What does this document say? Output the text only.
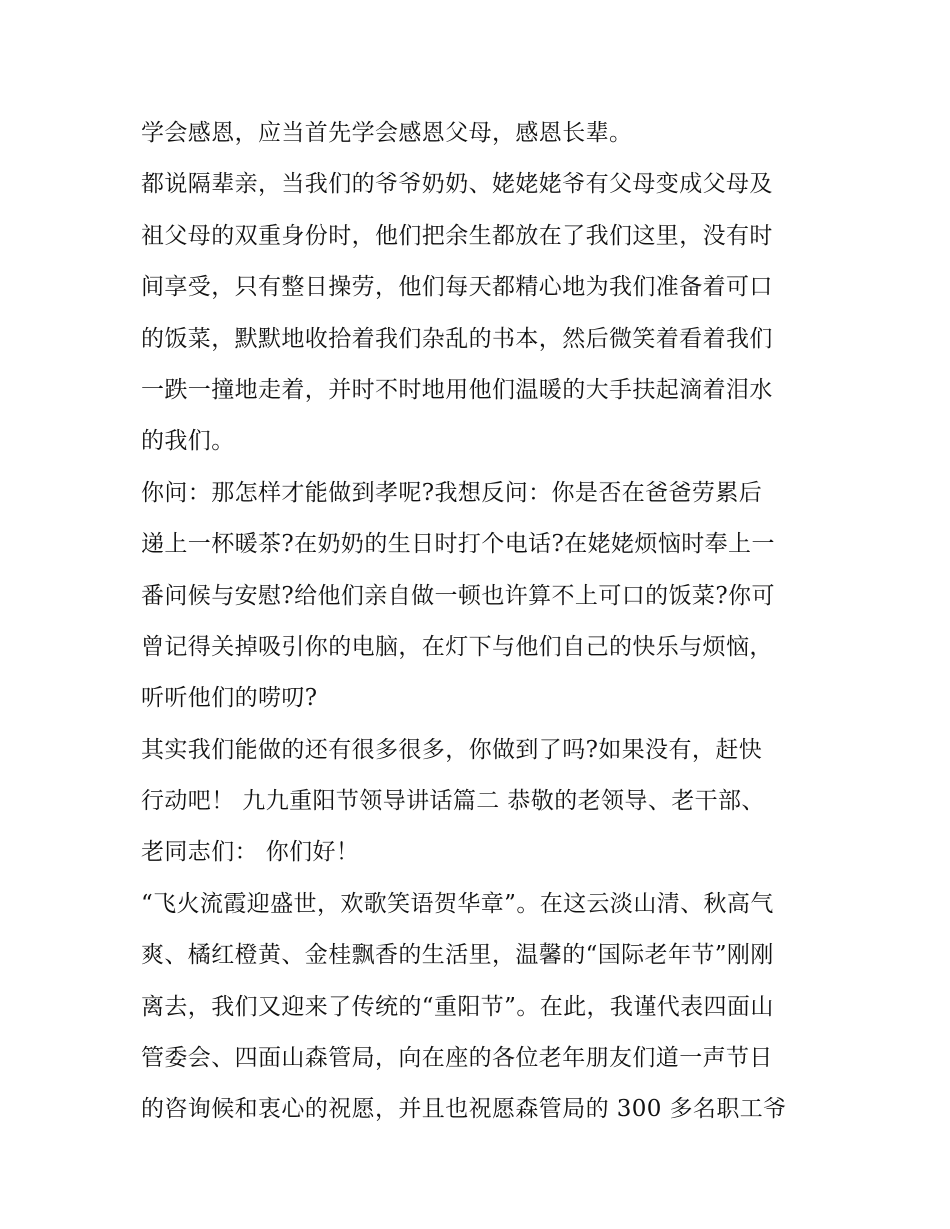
学会感恩，应当首先学会感恩父母，感恩长辈。
都说隔辈亲，当我们的爷爷奶奶、姥姥姥爷有父母变成父母及
祖父母的双重身份时，他们把余生都放在了我们这里，没有时
间享受，只有整日操劳，他们每天都精心地为我们准备着可口
的饭菜，默默地收拾着我们杂乱的书本，然后微笑着看着我们
一跌一撞地走着，并时不时地用他们温暖的大手扶起滴着泪水
的我们。
你问：那怎样才能做到孝呢?我想反问：你是否在爸爸劳累后
递上一杯暖茶?在奶奶的生日时打个电话?在姥姥烦恼时奉上一
番问候与安慰?给他们亲自做一顿也许算不上可口的饭菜?你可
曾记得关掉吸引你的电脑，在灯下与他们自己的快乐与烦恼，
听听他们的唠叨?
其实我们能做的还有很多很多，你做到了吗?如果没有，赶快
行动吧！ 九九重阳节领导讲话篇二 恭敬的老领导、老干部、
老同志们： 你们好！
“飞火流霞迎盛世，欢歌笑语贺华章”。在这云淡山清、秋高气
爽、橘红橙黄、金桂飘香的生活里，温馨的“国际老年节”刚刚
离去，我们又迎来了传统的“重阳节”。在此，我谨代表四面山
管委会、四面山森管局，向在座的各位老年朋友们道一声节日
的咨询候和衷心的祝愿，并且也祝愿森管局的 300 多名职工爷
